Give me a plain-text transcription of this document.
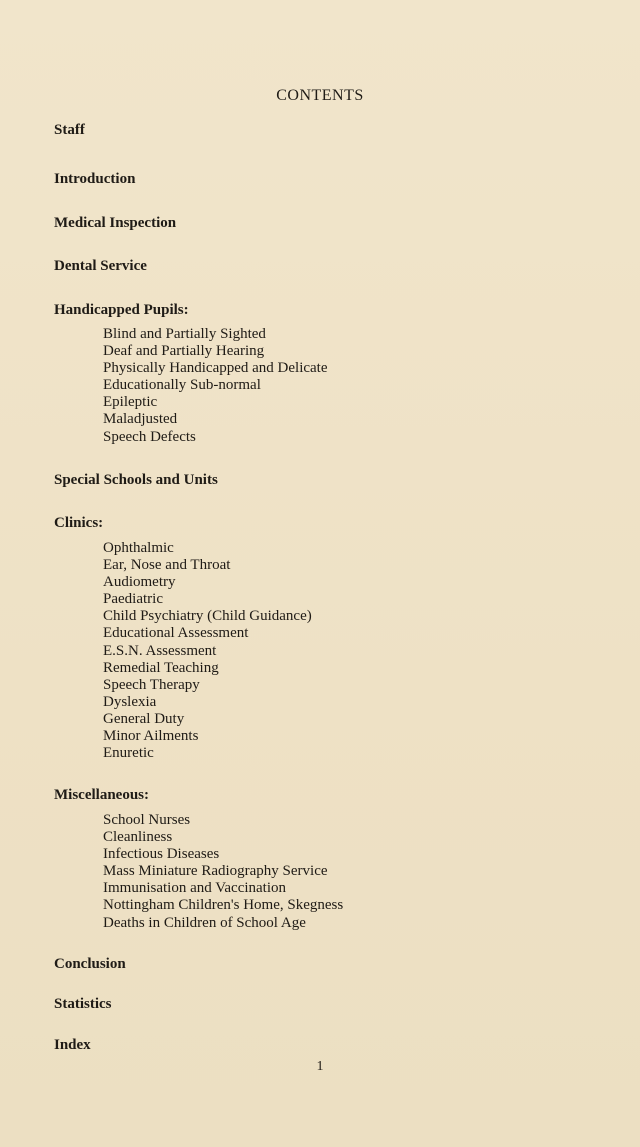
CONTENTS
Staff
Introduction
Medical Inspection
Dental Service
Handicapped Pupils:
Blind and Partially Sighted
Deaf and Partially Hearing
Physically Handicapped and Delicate
Educationally Sub-normal
Epileptic
Maladjusted
Speech Defects
Special Schools and Units
Clinics:
Ophthalmic
Ear, Nose and Throat
Audiometry
Paediatric
Child Psychiatry (Child Guidance)
Educational Assessment
E.S.N. Assessment
Remedial Teaching
Speech Therapy
Dyslexia
General Duty
Minor Ailments
Enuretic
Miscellaneous:
School Nurses
Cleanliness
Infectious Diseases
Mass Miniature Radiography Service
Immunisation and Vaccination
Nottingham Children's Home, Skegness
Deaths in Children of School Age
Conclusion
Statistics
Index
1
